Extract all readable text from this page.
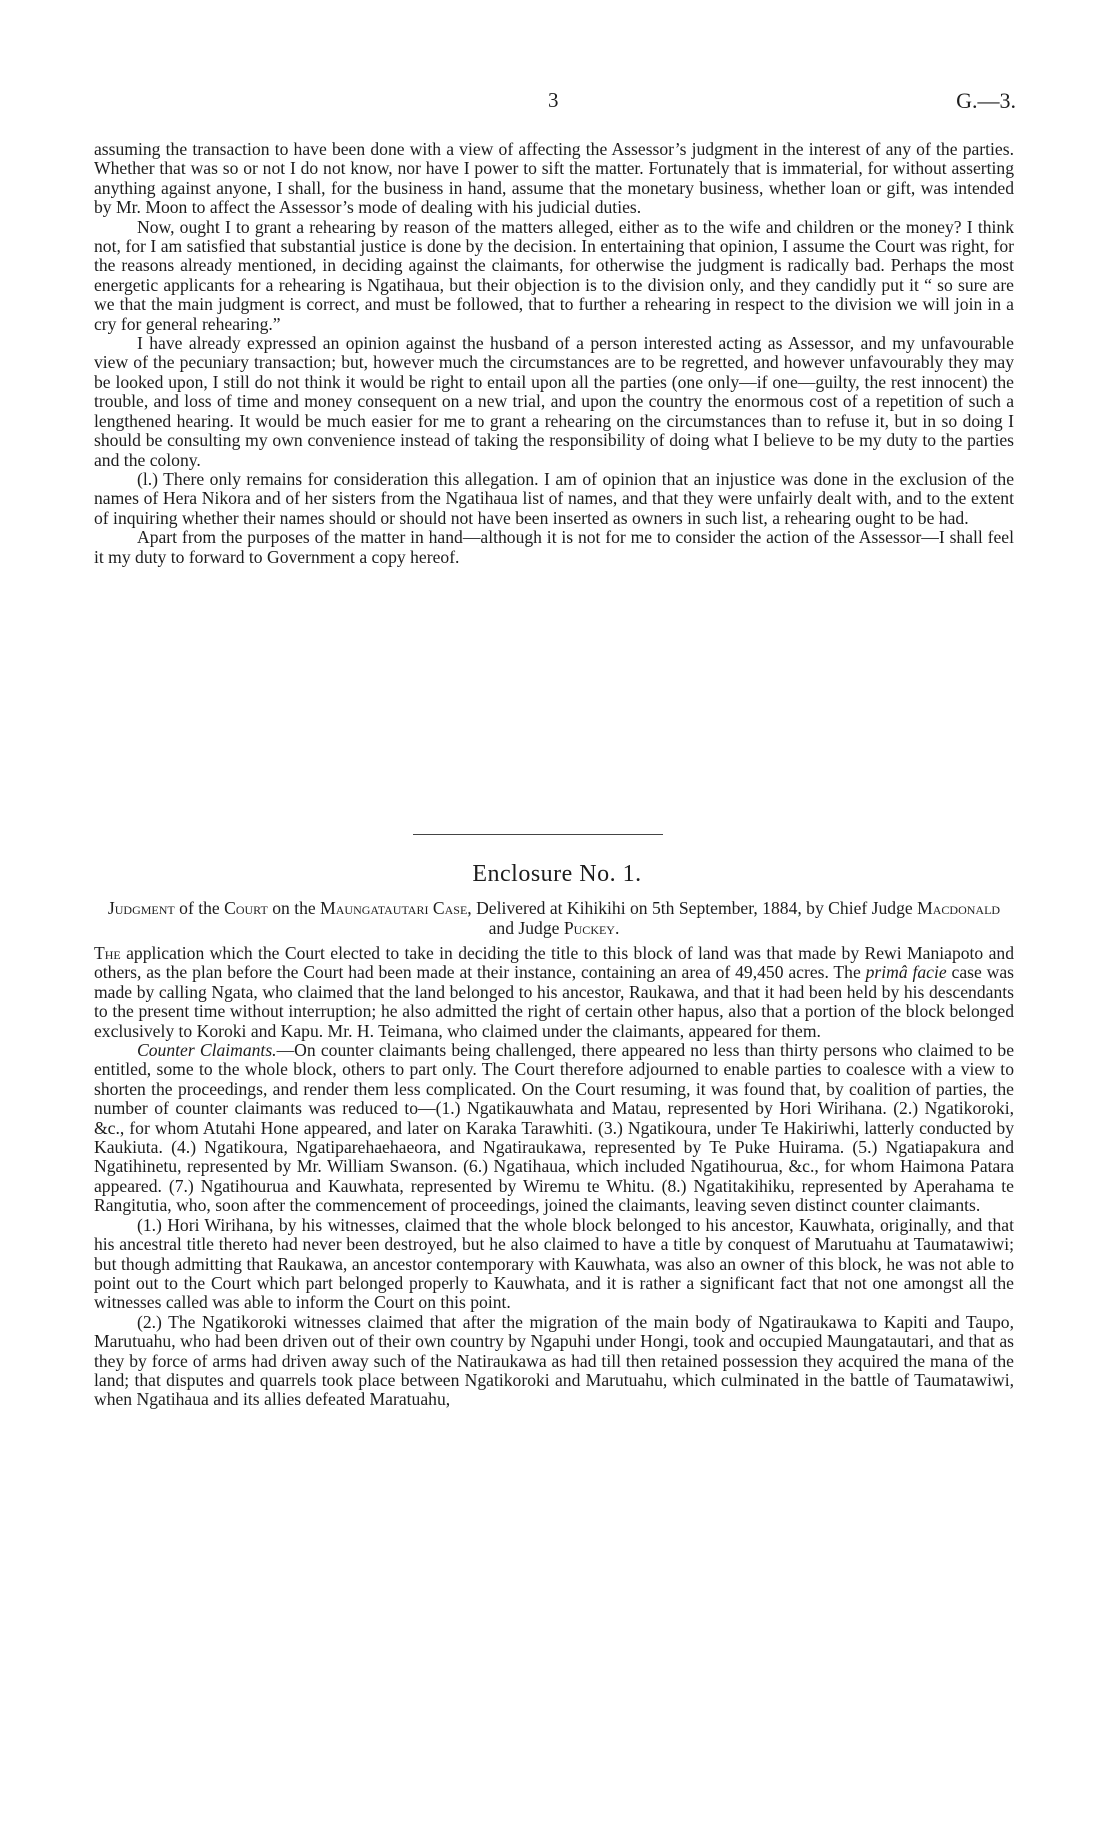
3	G.—3.

assuming the transaction to have been done with a view of affecting the Assessor’s judgment in the interest of any of the parties. Whether that was so or not I do not know, nor have I power to sift the matter. Fortunately that is immaterial, for without asserting anything against anyone, I shall, for the business in hand, assume that the monetary business, whether loan or gift, was intended by Mr. Moon to affect the Assessor’s mode of dealing with his judicial duties.

Now, ought I to grant a rehearing by reason of the matters alleged, either as to the wife and children or the money? I think not, for I am satisfied that substantial justice is done by the decision. In entertaining that opinion, I assume the Court was right, for the reasons already mentioned, in deciding against the claimants, for otherwise the judgment is radically bad. Perhaps the most energetic applicants for a rehearing is Ngatihaua, but their objection is to the division only, and they candidly put it “ so sure are we that the main judgment is correct, and must be followed, that to further a rehearing in respect to the division we will join in a cry for general rehearing.”

I have already expressed an opinion against the husband of a person interested acting as Assessor, and my unfavourable view of the pecuniary transaction; but, however much the circumstances are to be regretted, and however unfavourably they may be looked upon, I still do not think it would be right to entail upon all the parties (one only—if one—guilty, the rest innocent) the trouble, and loss of time and money consequent on a new trial, and upon the country the enormous cost of a repetition of such a lengthened hearing. It would be much easier for me to grant a rehearing on the circumstances than to refuse it, but in so doing I should be consulting my own convenience instead of taking the responsibility of doing what I believe to be my duty to the parties and the colony.

(l.) There only remains for consideration this allegation. I am of opinion that an injustice was done in the exclusion of the names of Hera Nikora and of her sisters from the Ngatihaua list of names, and that they were unfairly dealt with, and to the extent of inquiring whether their names should or should not have been inserted as owners in such list, a rehearing ought to be had.

Apart from the purposes of the matter in hand—although it is not for me to consider the action of the Assessor—I shall feel it my duty to forward to Government a copy hereof.

Enclosure No. 1.
Judgment of the Court on the Maungatautari Case, Delivered at Kihikihi on 5th September, 1884, by Chief Judge Macdonald and Judge Puckey.

The application which the Court elected to take in deciding the title to this block of land was that made by Rewi Maniapoto and others, as the plan before the Court had been made at their instance, containing an area of 49,450 acres. The primâ facie case was made by calling Ngata, who claimed that the land belonged to his ancestor, Raukawa, and that it had been held by his descendants to the present time without interruption; he also admitted the right of certain other hapus, also that a portion of the block belonged exclusively to Koroki and Kapu. Mr. H. Teimana, who claimed under the claimants, appeared for them.

Counter Claimants.—On counter claimants being challenged, there appeared no less than thirty persons who claimed to be entitled, some to the whole block, others to part only. The Court therefore adjourned to enable parties to coalesce with a view to shorten the proceedings, and render them less complicated. On the Court resuming, it was found that, by coalition of parties, the number of counter claimants was reduced to—(1.) Ngatikauwhata and Matau, represented by Hori Wirihana. (2.) Ngatikoroki, &c., for whom Atutahi Hone appeared, and later on Karaka Tarawhiti. (3.) Ngatikoura, under Te Hakiriwhi, latterly conducted by Kaukiuta. (4.) Ngatikoura, Ngatiparehaehaeora, and Ngatiraukawa, represented by Te Puke Huirama. (5.) Ngatiapakura and Ngatihinetu, represented by Mr. William Swanson. (6.) Ngatihaua, which included Ngatihourua, &c., for whom Haimona Patara appeared. (7.) Ngatihourua and Kauwhata, represented by Wiremu te Whitu. (8.) Ngatitakihiku, represented by Aperahama te Rangitutia, who, soon after the commencement of proceedings, joined the claimants, leaving seven distinct counter claimants.

(1.) Hori Wirihana, by his witnesses, claimed that the whole block belonged to his ancestor, Kauwhata, originally, and that his ancestral title thereto had never been destroyed, but he also claimed to have a title by conquest of Marutuahu at Taumatawiwi; but though admitting that Raukawa, an ancestor contemporary with Kauwhata, was also an owner of this block, he was not able to point out to the Court which part belonged properly to Kauwhata, and it is rather a significant fact that not one amongst all the witnesses called was able to inform the Court on this point.

(2.) The Ngatikoroki witnesses claimed that after the migration of the main body of Ngatiraukawa to Kapiti and Taupo, Marutuahu, who had been driven out of their own country by Ngapuhi under Hongi, took and occupied Maungatautari, and that as they by force of arms had driven away such of the Natiraukawa as had till then retained possession they acquired the mana of the land; that disputes and quarrels took place between Ngatikoroki and Marutuahu, which culminated in the battle of Taumatawiwi, when Ngatihaua and its allies defeated Maratuahu,
